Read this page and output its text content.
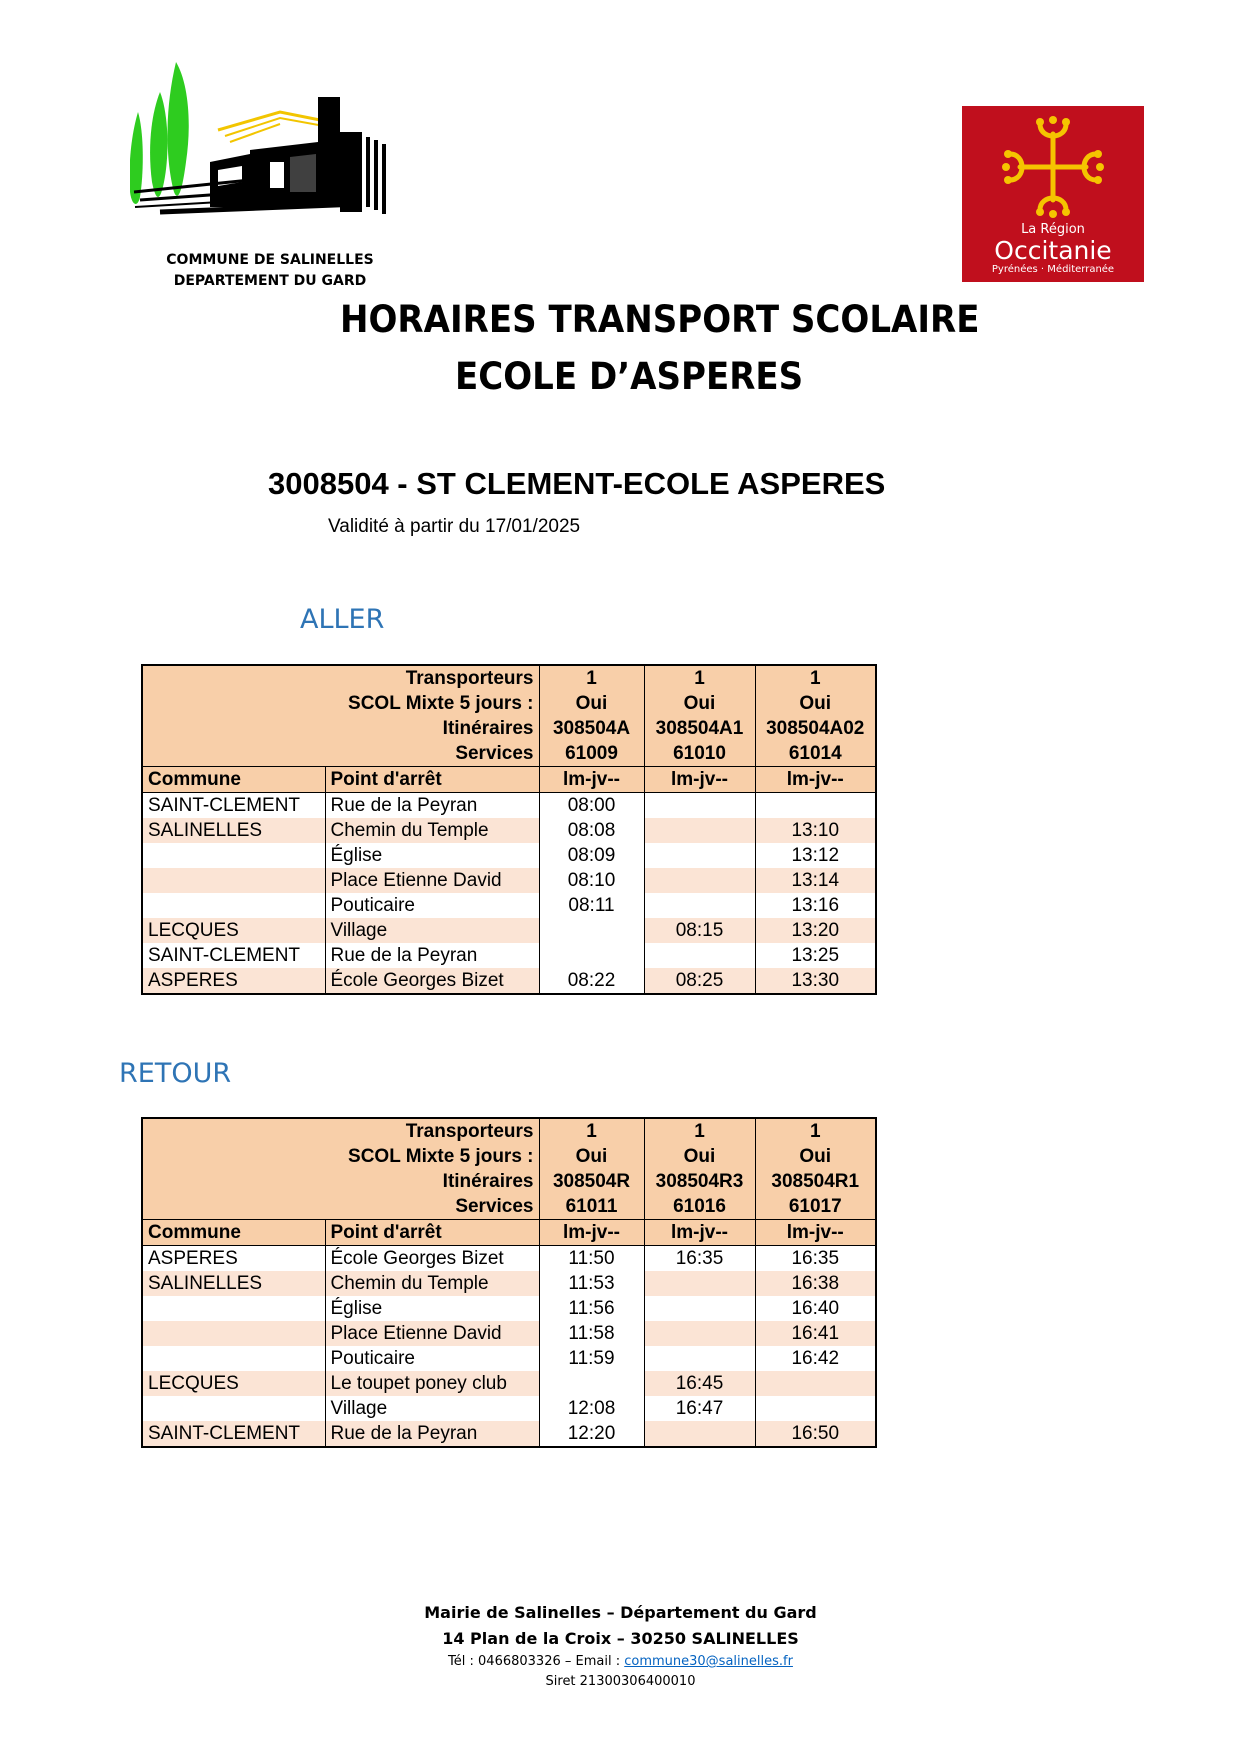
COMMUNE DE SALINELLES
DEPARTEMENT DU GARD
La Région
Occitanie
Pyrénées · Méditerranée
HORAIRES TRANSPORT SCOLAIRE
ECOLE D’ASPERES
3008504 - ST CLEMENT-ECOLE ASPERES
Validité à partir du 17/01/2025
ALLER
	Transporteurs	1	1	1
	SCOL Mixte 5 jours :	Oui	Oui	Oui
	Itinéraires	308504A	308504A1	308504A02
	Services	61009	61010	61014
Commune	Point d'arrêt	lm-jv--	lm-jv--	lm-jv--
SAINT-CLEMENT	Rue de la Peyran	08:00		
SALINELLES	Chemin du Temple	08:08		13:10
	Église	08:09		13:12
	Place Etienne David	08:10		13:14
	Pouticaire	08:11		13:16
LECQUES	Village		08:15	13:20
SAINT-CLEMENT	Rue de la Peyran			13:25
ASPERES	École Georges Bizet	08:22	08:25	13:30
RETOUR
	Transporteurs	1	1	1
	SCOL Mixte 5 jours :	Oui	Oui	Oui
	Itinéraires	308504R	308504R3	308504R1
	Services	61011	61016	61017
Commune	Point d'arrêt	lm-jv--	lm-jv--	lm-jv--
ASPERES	École Georges Bizet	11:50	16:35	16:35
SALINELLES	Chemin du Temple	11:53		16:38
	Église	11:56		16:40
	Place Etienne David	11:58		16:41
	Pouticaire	11:59		16:42
LECQUES	Le toupet poney club		16:45	
	Village	12:08	16:47	
SAINT-CLEMENT	Rue de la Peyran	12:20		16:50
Mairie de Salinelles – Département du Gard
14 Plan de la Croix – 30250 SALINELLES
Tél : 0466803326 – Email : commune30@salinelles.fr
Siret 21300306400010
